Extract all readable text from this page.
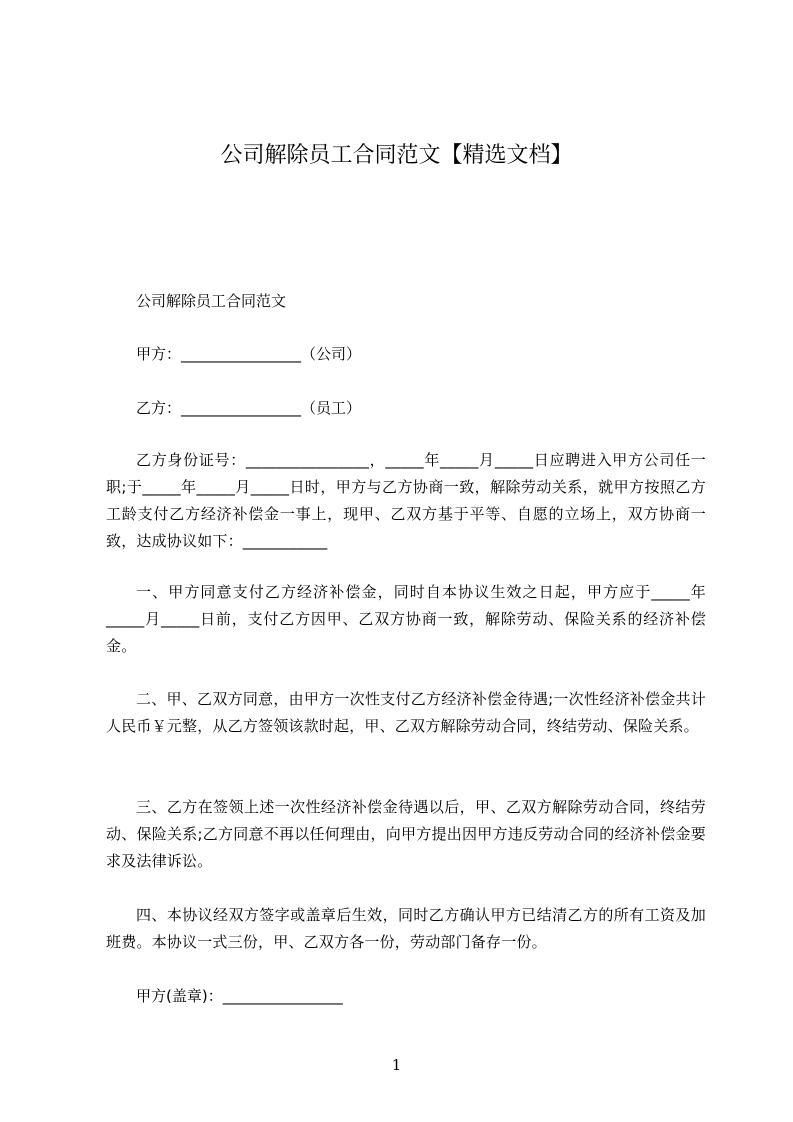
公司解除员工合同范文【精选文档】

公司解除员工合同范文

甲方：________________（公司）

乙方：________________（员工）

乙方身份证号：________________，_____年_____月_____日应聘进入甲方公司任一职;于_____年_____月_____日时，甲方与乙方协商一致，解除劳动关系，就甲方按照乙方工龄支付乙方经济补偿金一事上，现甲、乙双方基于平等、自愿的立场上，双方协商一致，达成协议如下：___________

一、甲方同意支付乙方经济补偿金，同时自本协议生效之日起，甲方应于_____年_____月_____日前，支付乙方因甲、乙双方协商一致，解除劳动、保险关系的经济补偿金。

二、甲、乙双方同意，由甲方一次性支付乙方经济补偿金待遇;一次性经济补偿金共计人民币￥元整，从乙方签领该款时起，甲、乙双方解除劳动合同，终结劳动、保险关系。

三、乙方在签领上述一次性经济补偿金待遇以后，甲、乙双方解除劳动合同，终结劳动、保险关系;乙方同意不再以任何理由，向甲方提出因甲方违反劳动合同的经济补偿金要求及法律诉讼。

四、本协议经双方签字或盖章后生效，同时乙方确认甲方已结清乙方的所有工资及加班费。本协议一式三份，甲、乙双方各一份，劳动部门备存一份。

甲方(盖章)：________________

1
